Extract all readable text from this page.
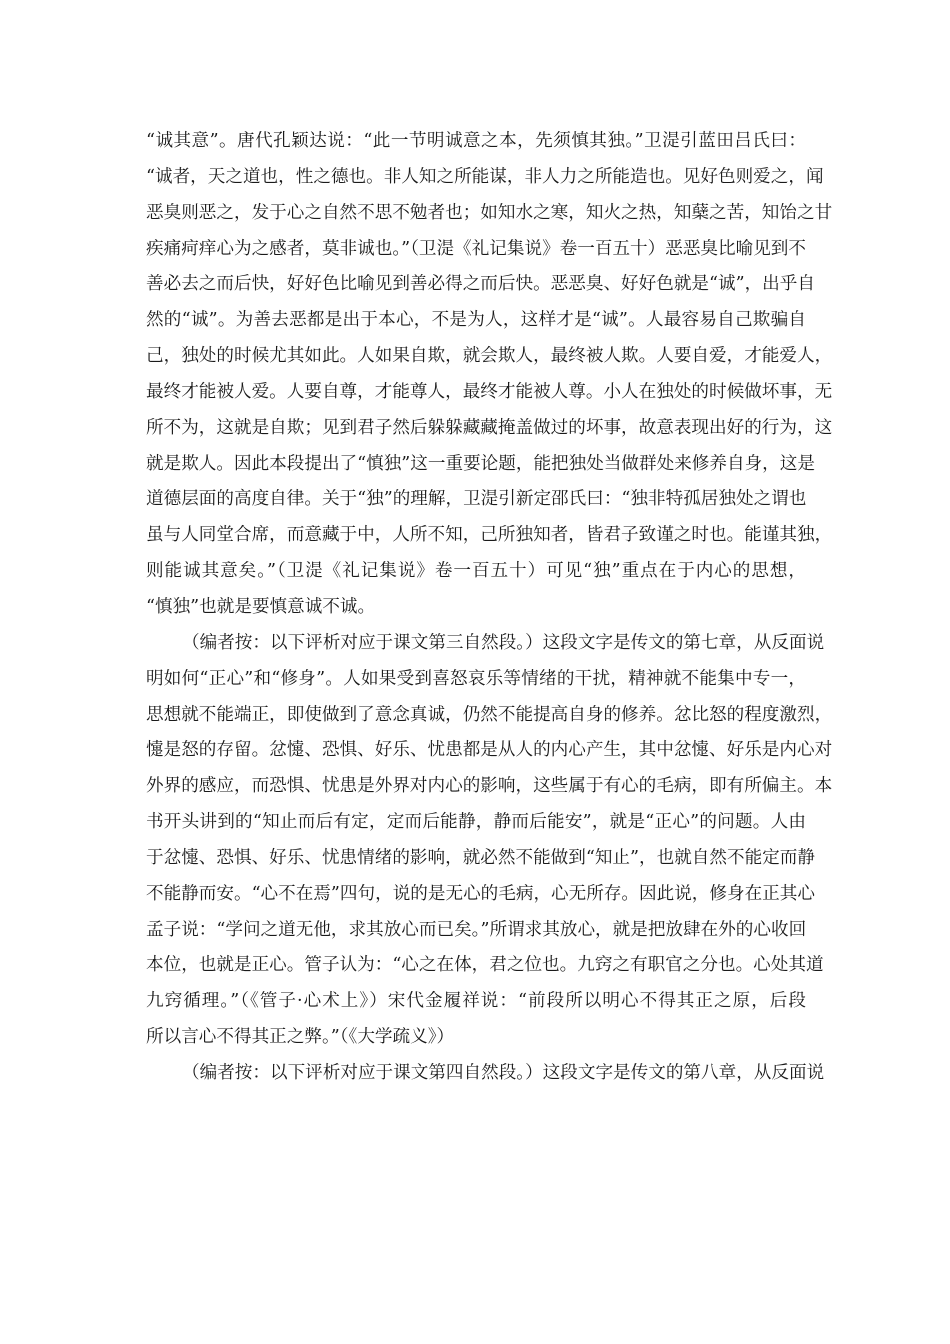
“诚其意”。唐代孔颖达说：“此一节明诚意之本，先须慎其独。”卫湜引蓝田吕氏曰：
“诚者，天之道也，性之德也。非人知之所能谋，非人力之所能造也。见好色则爱之，闻
恶臭则恶之，发于心之自然不思不勉者也；如知水之寒，知火之热，知蘖之苦，知饴之甘
疾痛疴痒心为之感者，莫非诚也。”（卫湜《礼记集说》卷一百五十）恶恶臭比喻见到不
善必去之而后快，好好色比喻见到善必得之而后快。恶恶臭、好好色就是“诚”，出乎自
然的“诚”。为善去恶都是出于本心，不是为人，这样才是“诚”。人最容易自己欺骗自
己，独处的时候尤其如此。人如果自欺，就会欺人，最终被人欺。人要自爱，才能爱人，
最终才能被人爱。人要自尊，才能尊人，最终才能被人尊。小人在独处的时候做坏事，无
所不为，这就是自欺；见到君子然后躲躲藏藏掩盖做过的坏事，故意表现出好的行为，这
就是欺人。因此本段提出了“慎独”这一重要论题，能把独处当做群处来修养自身，这是
道德层面的高度自律。关于“独”的理解，卫湜引新定邵氏曰：“独非特孤居独处之谓也
虽与人同堂合席，而意藏于中，人所不知，己所独知者，皆君子致谨之时也。能谨其独，
则能诚其意矣。”（卫湜《礼记集说》卷一百五十）可见“独”重点在于内心的思想，
“慎独”也就是要慎意诚不诚。
（编者按：以下评析对应于课文第三自然段。）这段文字是传文的第七章，从反面说
明如何“正心”和“修身”。人如果受到喜怒哀乐等情绪的干扰，精神就不能集中专一，
思想就不能端正，即使做到了意念真诚，仍然不能提高自身的修养。忿比怒的程度激烈，
懥是怒的存留。忿懥、恐惧、好乐、忧患都是从人的内心产生，其中忿懥、好乐是内心对
外界的感应，而恐惧、忧患是外界对内心的影响，这些属于有心的毛病，即有所偏主。本
书开头讲到的“知止而后有定，定而后能静，静而后能安”，就是“正心”的问题。人由
于忿懥、恐惧、好乐、忧患情绪的影响，就必然不能做到“知止”，也就自然不能定而静
不能静而安。“心不在焉”四句，说的是无心的毛病，心无所存。因此说，修身在正其心
孟子说：“学问之道无他，求其放心而已矣。”所谓求其放心，就是把放肆在外的心收回
本位，也就是正心。管子认为：“心之在体，君之位也。九窍之有职官之分也。心处其道
九窍循理。”（《管子·心术上》）宋代金履祥说：“前段所以明心不得其正之原，后段
所以言心不得其正之弊。”（《大学疏义》）
（编者按：以下评析对应于课文第四自然段。）这段文字是传文的第八章，从反面说
